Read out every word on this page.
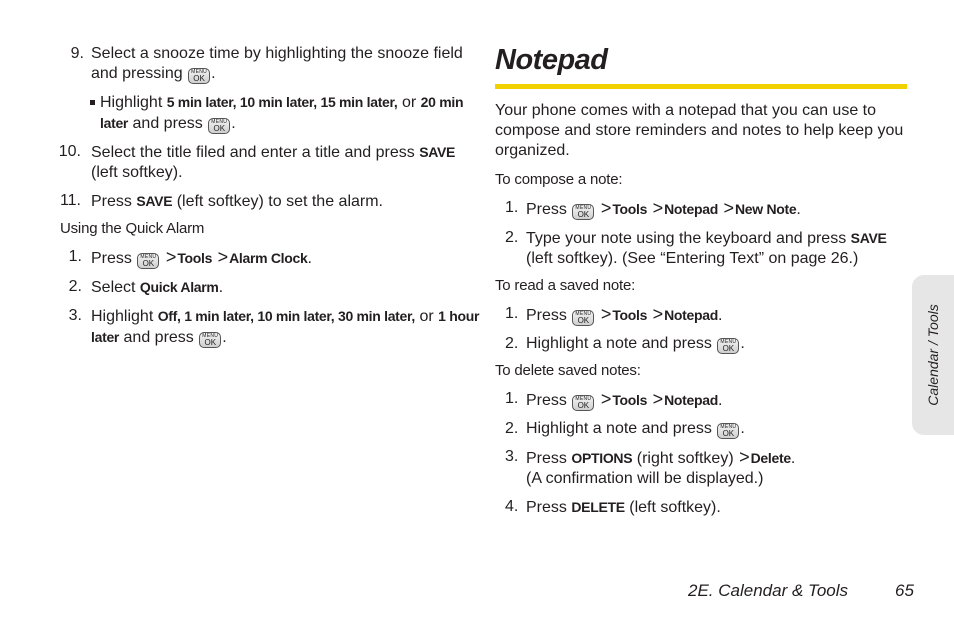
9. Select a snooze time by highlighting the snooze field and pressing	MENU
OK .
Highlight 5 min later, 10 min later, 15 min later, or 20 min later and press	MENU
OK .
10. Select the title filed and enter a title and press SAVE (left softkey).
11. Press SAVE (left softkey) to set the alarm.
Using the Quick Alarm
1. Press	MENU
OK >Tools >Alarm Clock.
2. Select Quick Alarm.
3. Highlight Off, 1 min later, 10 min later, 30 min later, or 1 hour later and press	MENU
OK .
Notepad

Your phone comes with a notepad that you can use to compose and store reminders and notes to help keep you organized.

To compose a note:
1. Press	MENU
OK >Tools >Notepad >New Note.
2. Type your note using the keyboard and press SAVE (left softkey). (See “Entering Text” on page 26.)
To read a saved note:
1. Press	MENU
OK >Tools >Notepad.
2. Highlight a note and press	MENU
OK .
To delete saved notes:
1. Press	MENU
OK >Tools >Notepad.
2. Highlight a note and press	MENU
OK .
3. Press OPTIONS (right softkey) >Delete.
(A confirmation will be displayed.)
4. Press DELETE (left softkey).
Calendar / Tools
2E. Calendar & Tools	65
